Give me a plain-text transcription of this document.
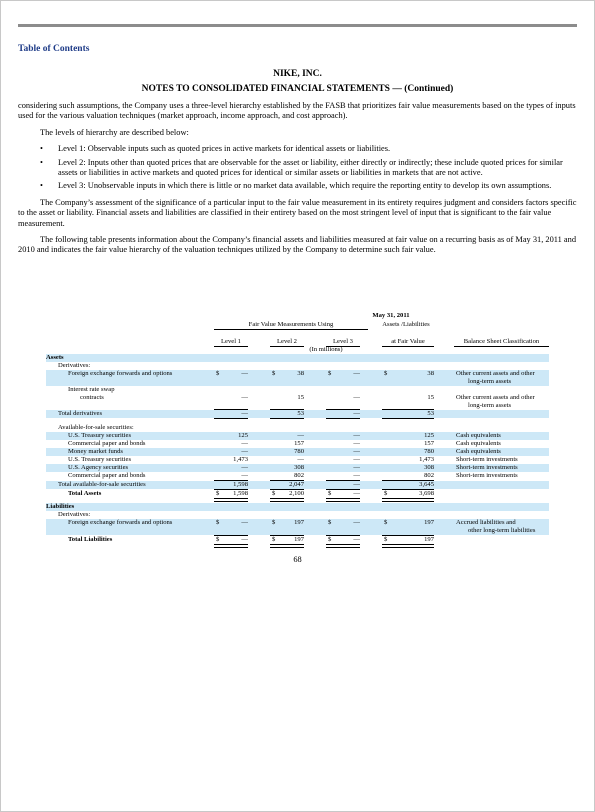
Table of Contents
NIKE, INC.
NOTES TO CONSOLIDATED FINANCIAL STATEMENTS — (Continued)

considering such assumptions, the Company uses a three-level hierarchy established by the FASB that prioritizes fair value measurements based on the types of inputs used for the various valuation techniques (market approach, income approach, and cost approach).

The levels of hierarchy are described below:

• Level 1: Observable inputs such as quoted prices in active markets for identical assets or liabilities.
• Level 2: Inputs other than quoted prices that are observable for the asset or liability, either directly or indirectly; these include quoted prices for similar assets or liabilities in active markets and quoted prices for identical or similar assets or liabilities in markets that are not active.
• Level 3: Unobservable inputs in which there is little or no market data available, which require the reporting entity to develop its own assumptions.

The Company’s assessment of the significance of a particular input to the fair value measurement in its entirety requires judgment and considers factors specific to the asset or liability. Financial assets and liabilities are classified in their entirety based on the most stringent level of input that is significant to the fair value measurement.

The following table presents information about the Company’s financial assets and liabilities measured at fair value on a recurring basis as of May 31, 2011 and 2010 and indicates the fair value hierarchy of the valuation techniques utilized by the Company to determine such fair value.

May 31, 2011
Fair Value Measurements Using	Assets /Liabilities
Level 1	Level 2	Level 3	at Fair Value	Balance Sheet Classification
(In millions)
Assets
Derivatives:
Foreign exchange forwards and options	$	—	$	38	$	—	$	38	Other current assets and other
long-term assets
Interest rate swap
contracts	—	15	—	15	Other current assets and other
long-term assets
Total derivatives	—	53	—	53
Available-for-sale securities:
U.S. Treasury securities	125	—	—	125	Cash equivalents
Commercial paper and bonds	—	157	—	157	Cash equivalents
Money market funds	—	780	—	780	Cash equivalents
U.S. Treasury securities	1,473	—	—	1,473	Short-term investments
U.S. Agency securities	—	308	—	308	Short-term investments
Commercial paper and bonds	—	802	—	802	Short-term investments
Total available-for-sale securities	1,598	2,047	—	3,645
Total Assets	$	1,598	$	2,100	$	—	$	3,698
Liabilities
Derivatives:
Foreign exchange forwards and options	$	—	$	197	$	—	$	197	Accrued liabilities and
other long-term liabilities
Total Liabilities	$	—	$	197	$	—	$	197
68
